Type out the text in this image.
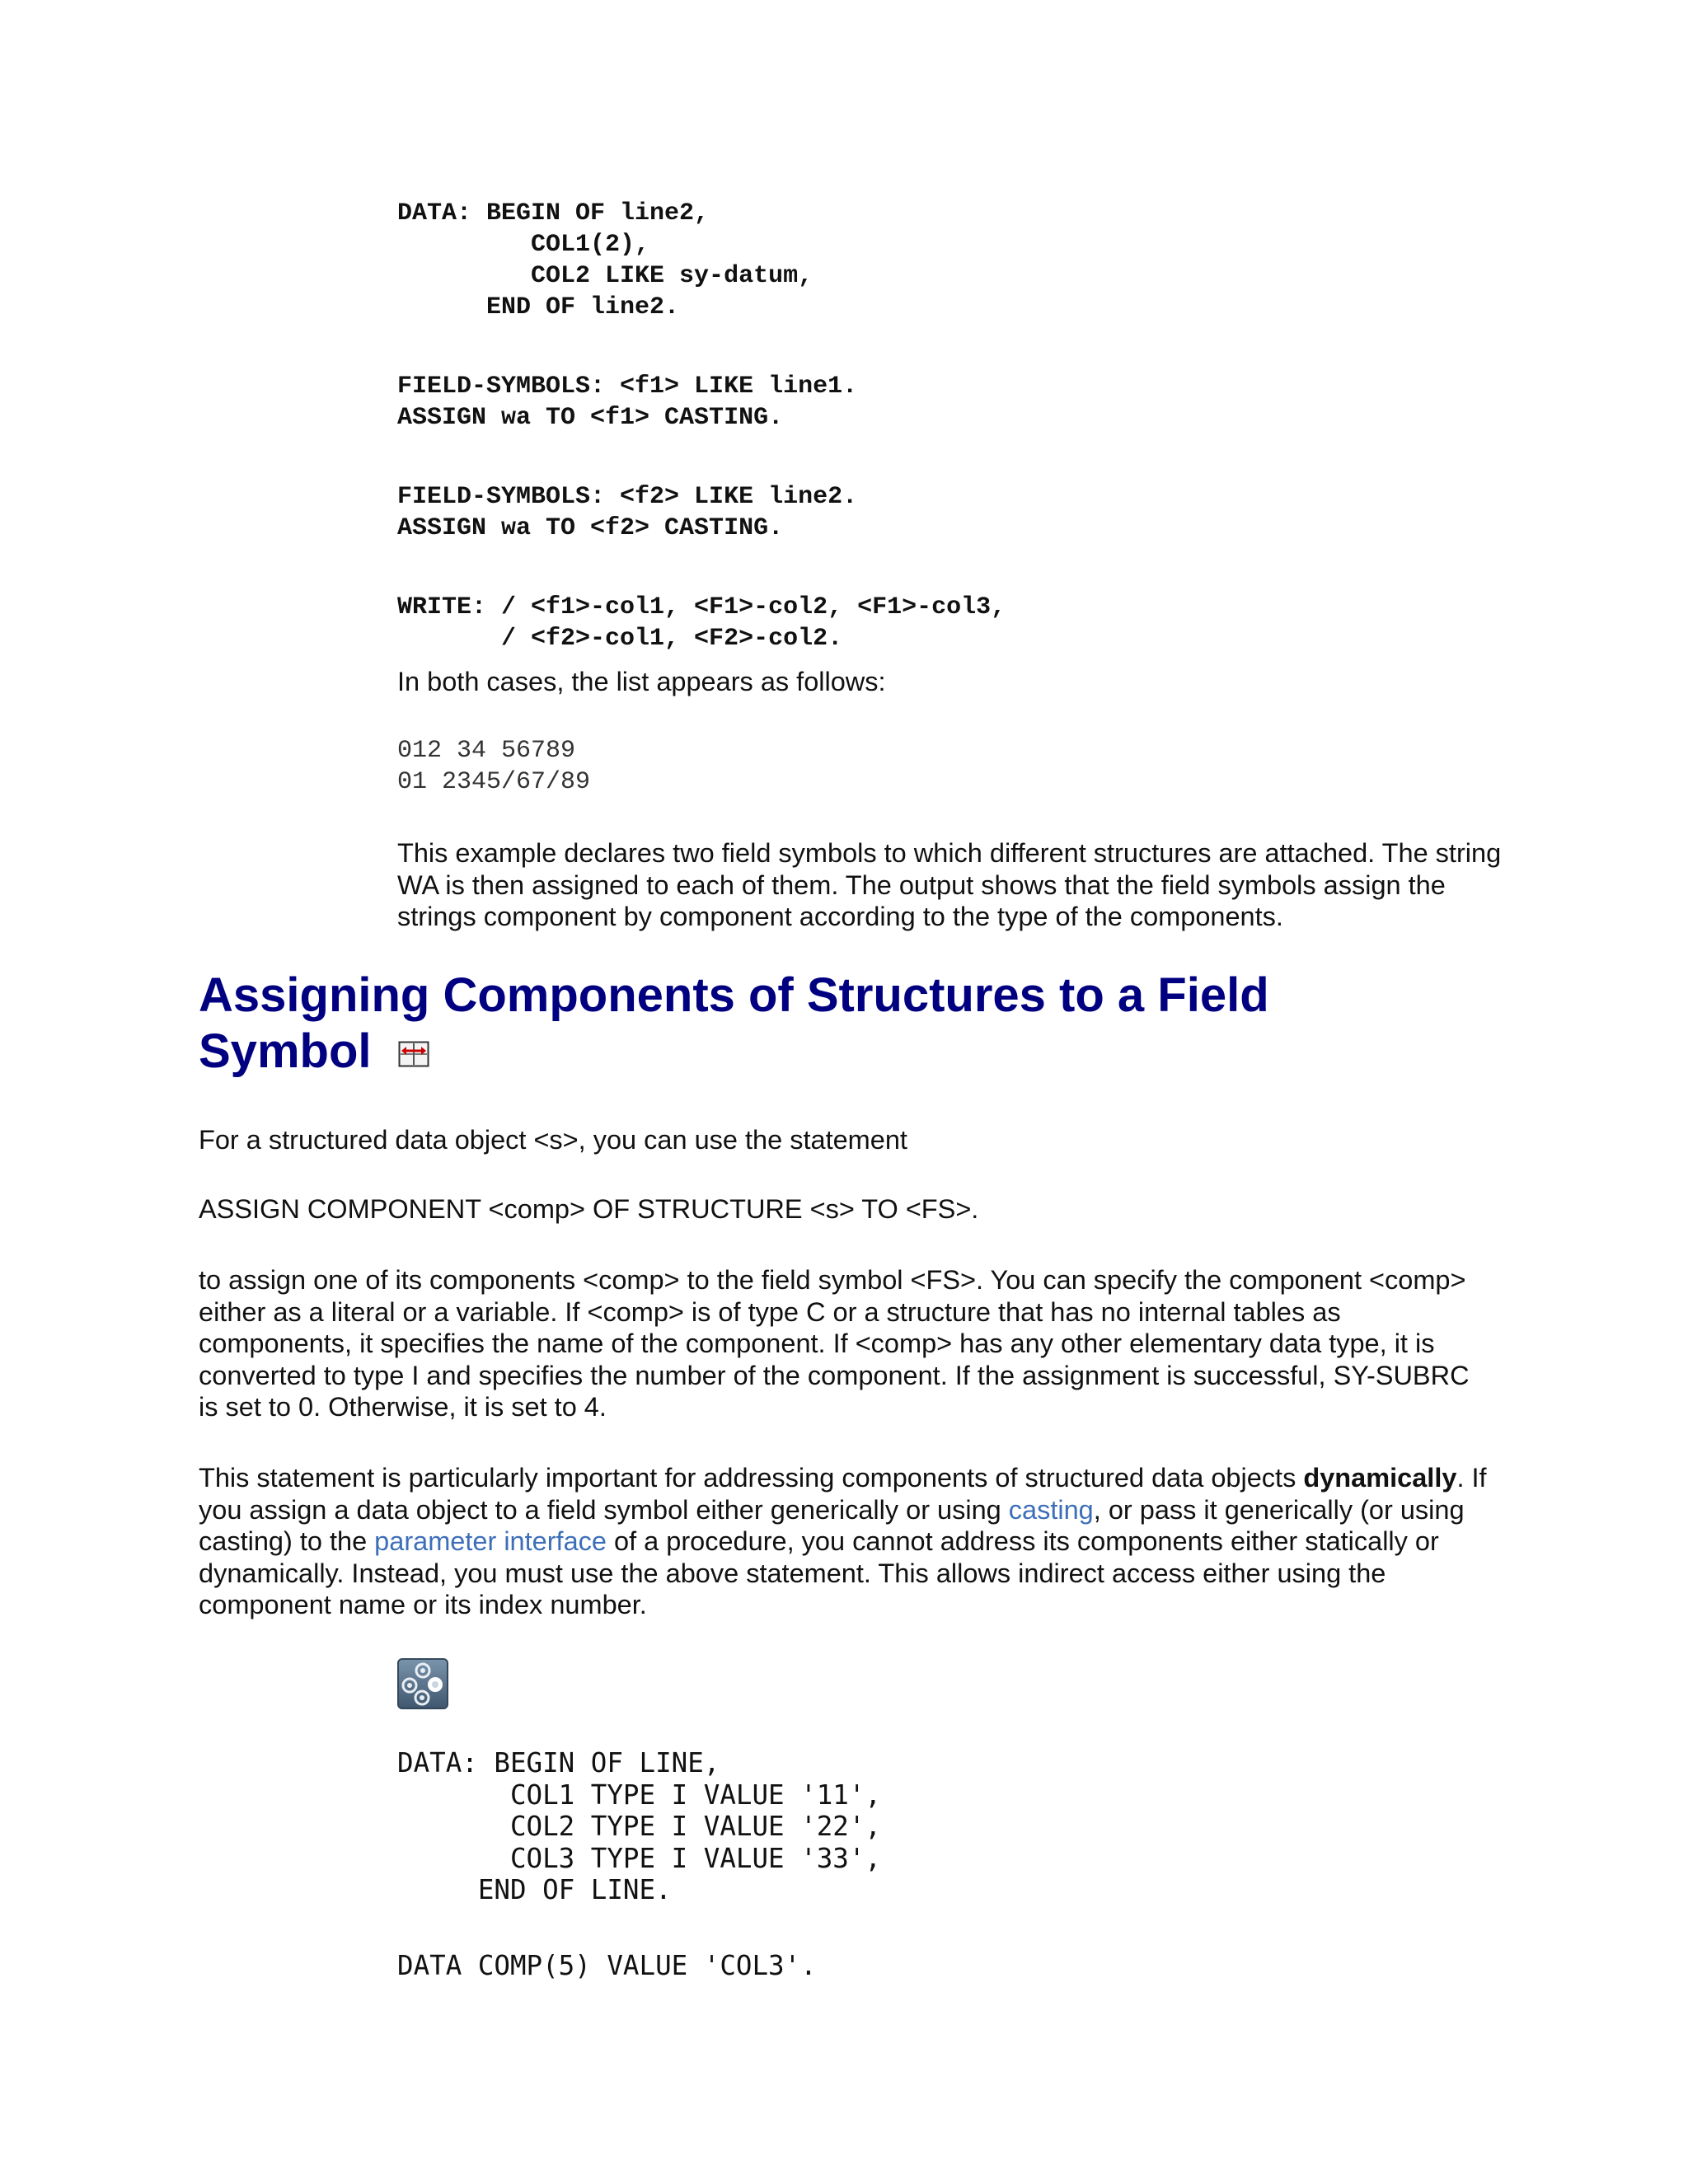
DATA: BEGIN OF line2,
COL1(2),
COL2 LIKE sy-datum,
END OF line2.

FIELD-SYMBOLS: <f1> LIKE line1.
ASSIGN wa TO <f1> CASTING.

FIELD-SYMBOLS: <f2> LIKE line2.
ASSIGN wa TO <f2> CASTING.

WRITE: / <f1>-col1, <F1>-col2, <F1>-col3,
/ <f2>-col1, <F2>-col2.

In both cases, the list appears as follows:

012 34 56789
01 2345/67/89

This example declares two field symbols to which different structures are attached. The string WA is then assigned to each of them. The output shows that the field symbols assign the strings component by component according to the type of the components.

Assigning Components of Structures to a Field
Symbol

For a structured data object <s>, you can use the statement

ASSIGN COMPONENT <comp> OF STRUCTURE <s> TO <FS>.

to assign one of its components <comp> to the field symbol <FS>. You can specify the component <comp> either as a literal or a variable. If <comp> is of type C or a structure that has no internal tables as components, it specifies the name of the component. If <comp> has any other elementary data type, it is converted to type I and specifies the number of the component. If the assignment is successful, SY-SUBRC is set to 0. Otherwise, it is set to 4.

This statement is particularly important for addressing components of structured data objects dynamically. If you assign a data object to a field symbol either generically or using casting, or pass it generically (or using casting) to the parameter interface of a procedure, you cannot address its components either statically or dynamically. Instead, you must use the above statement. This allows indirect access either using the component name or its index number.

DATA: BEGIN OF LINE,
COL1 TYPE I VALUE '11',
COL2 TYPE I VALUE '22',
COL3 TYPE I VALUE '33',
END OF LINE.

DATA COMP(5) VALUE 'COL3'.
